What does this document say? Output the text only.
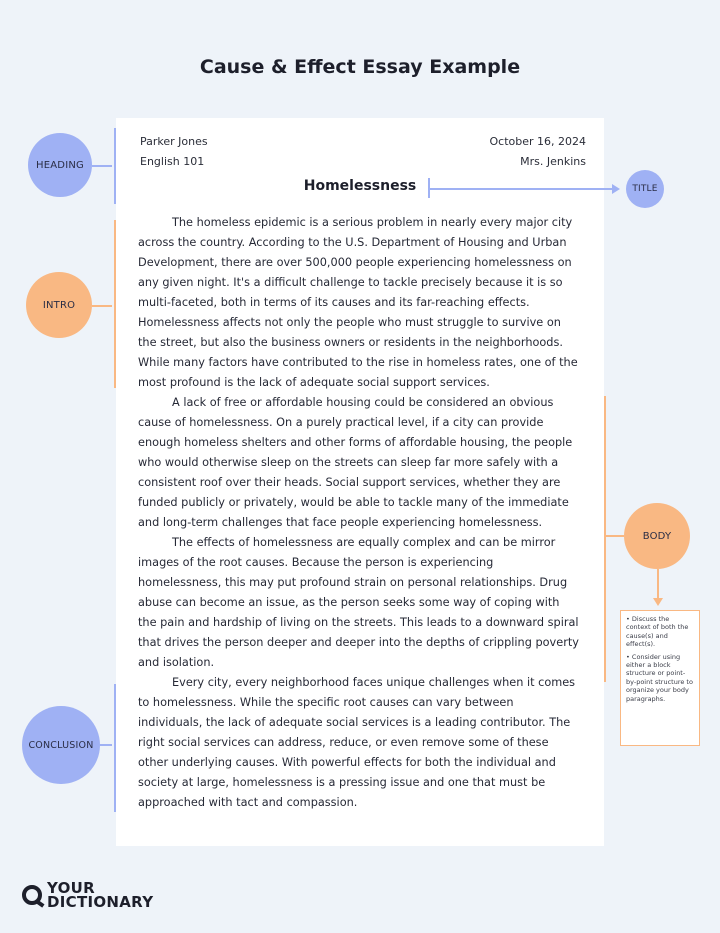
Cause & Effect Essay Example
Parker Jones
English 101
October 16, 2024
Mrs. Jenkins
Homelessness

The homeless epidemic is a serious problem in nearly every major city across the country. According to the U.S. Department of Housing and Urban Development, there are over 500,000 people experiencing homelessness on any given night. It's a difficult challenge to tackle precisely because it is so multi-faceted, both in terms of its causes and its far-reaching effects. Homelessness affects not only the people who must struggle to survive on the street, but also the business owners or residents in the neighborhoods. While many factors have contributed to the rise in homeless rates, one of the most profound is the lack of adequate social support services.

A lack of free or affordable housing could be considered an obvious cause of homelessness. On a purely practical level, if a city can provide enough homeless shelters and other forms of affordable housing, the people who would otherwise sleep on the streets can sleep far more safely with a consistent roof over their heads. Social support services, whether they are funded publicly or privately, would be able to tackle many of the immediate and long-term challenges that face people experiencing homelessness.

The effects of homelessness are equally complex and can be mirror images of the root causes. Because the person is experiencing homelessness, this may put profound strain on personal relationships. Drug abuse can become an issue, as the person seeks some way of coping with the pain and hardship of living on the streets. This leads to a downward spiral that drives the person deeper and deeper into the depths of crippling poverty and isolation.

Every city, every neighborhood faces unique challenges when it comes to homelessness. While the specific root causes can vary between individuals, the lack of adequate social services is a leading contributor. The right social services can address, reduce, or even remove some of these other underlying causes. With powerful effects for both the individual and society at large, homelessness is a pressing issue and one that must be approached with tact and compassion.

HEADING
TITLE
INTRO
BODY
• Discuss the context of both the cause(s) and effect(s).
• Consider using either a block structure or point-by-point structure to organize your body paragraphs.
CONCLUSION
YOUR
DICTIONARY
